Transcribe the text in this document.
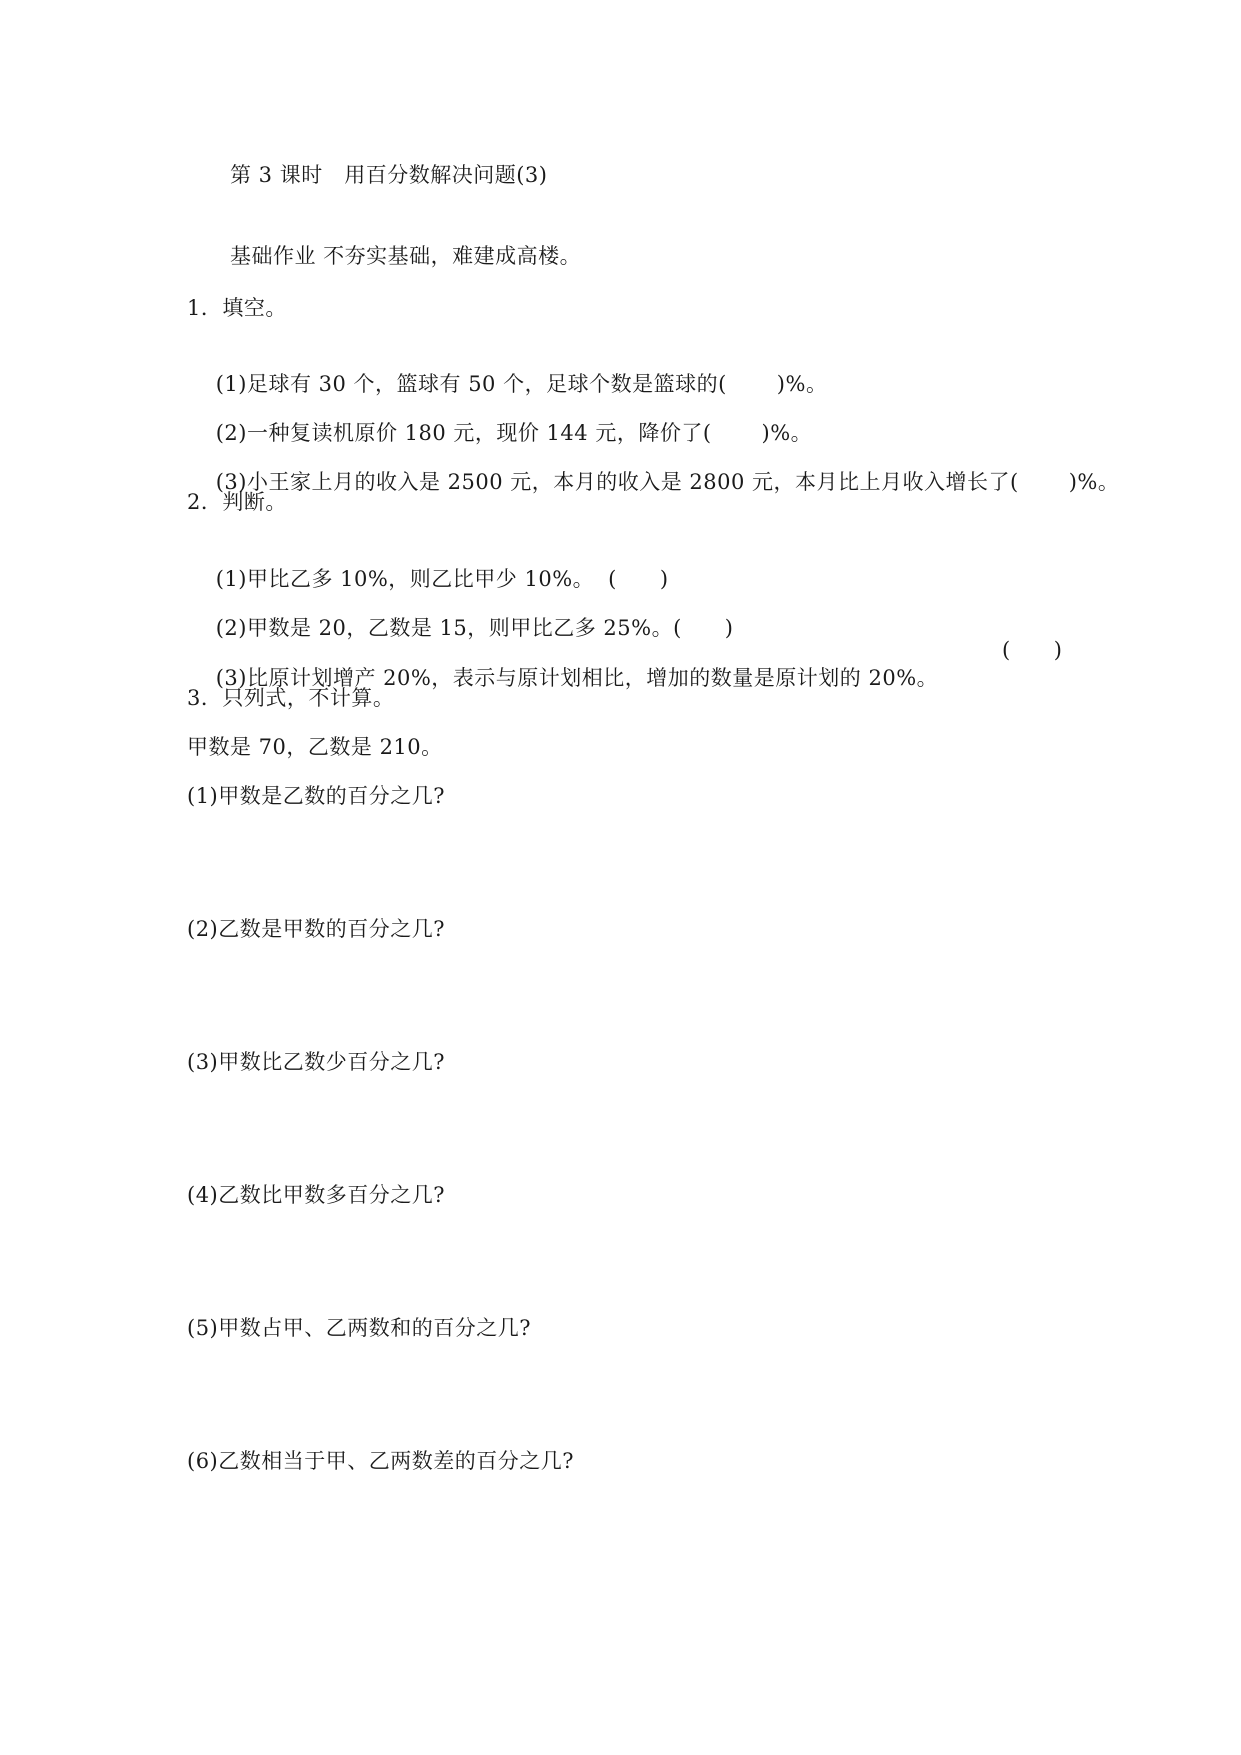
第 3 课时　用百分数解决问题(3)
基础作业 不夯实基础，难建成高楼。
1．填空。

(1)足球有 30 个，篮球有 50 个，足球个数是篮球的( )%。

(2)一种复读机原价 180 元，现价 144 元，降价了( )%。

(3)小王家上月的收入是 2500 元，本月的收入是 2800 元，本月比上月收入增长了( )%。

2．判断。

(1)甲比乙多 10%，则乙比甲少 10%。 (　　)

(2)甲数是 20，乙数是 15，则甲比乙多 25%。(　　)

(3)比原计划增产 20%，表示与原计划相比，增加的数量是原计划的 20%。

(　　)
3．只列式，不计算。
甲数是 70，乙数是 210。
(1)甲数是乙数的百分之几?
(2)乙数是甲数的百分之几?
(3)甲数比乙数少百分之几?
(4)乙数比甲数多百分之几?
(5)甲数占甲、乙两数和的百分之几?
(6)乙数相当于甲、乙两数差的百分之几?
